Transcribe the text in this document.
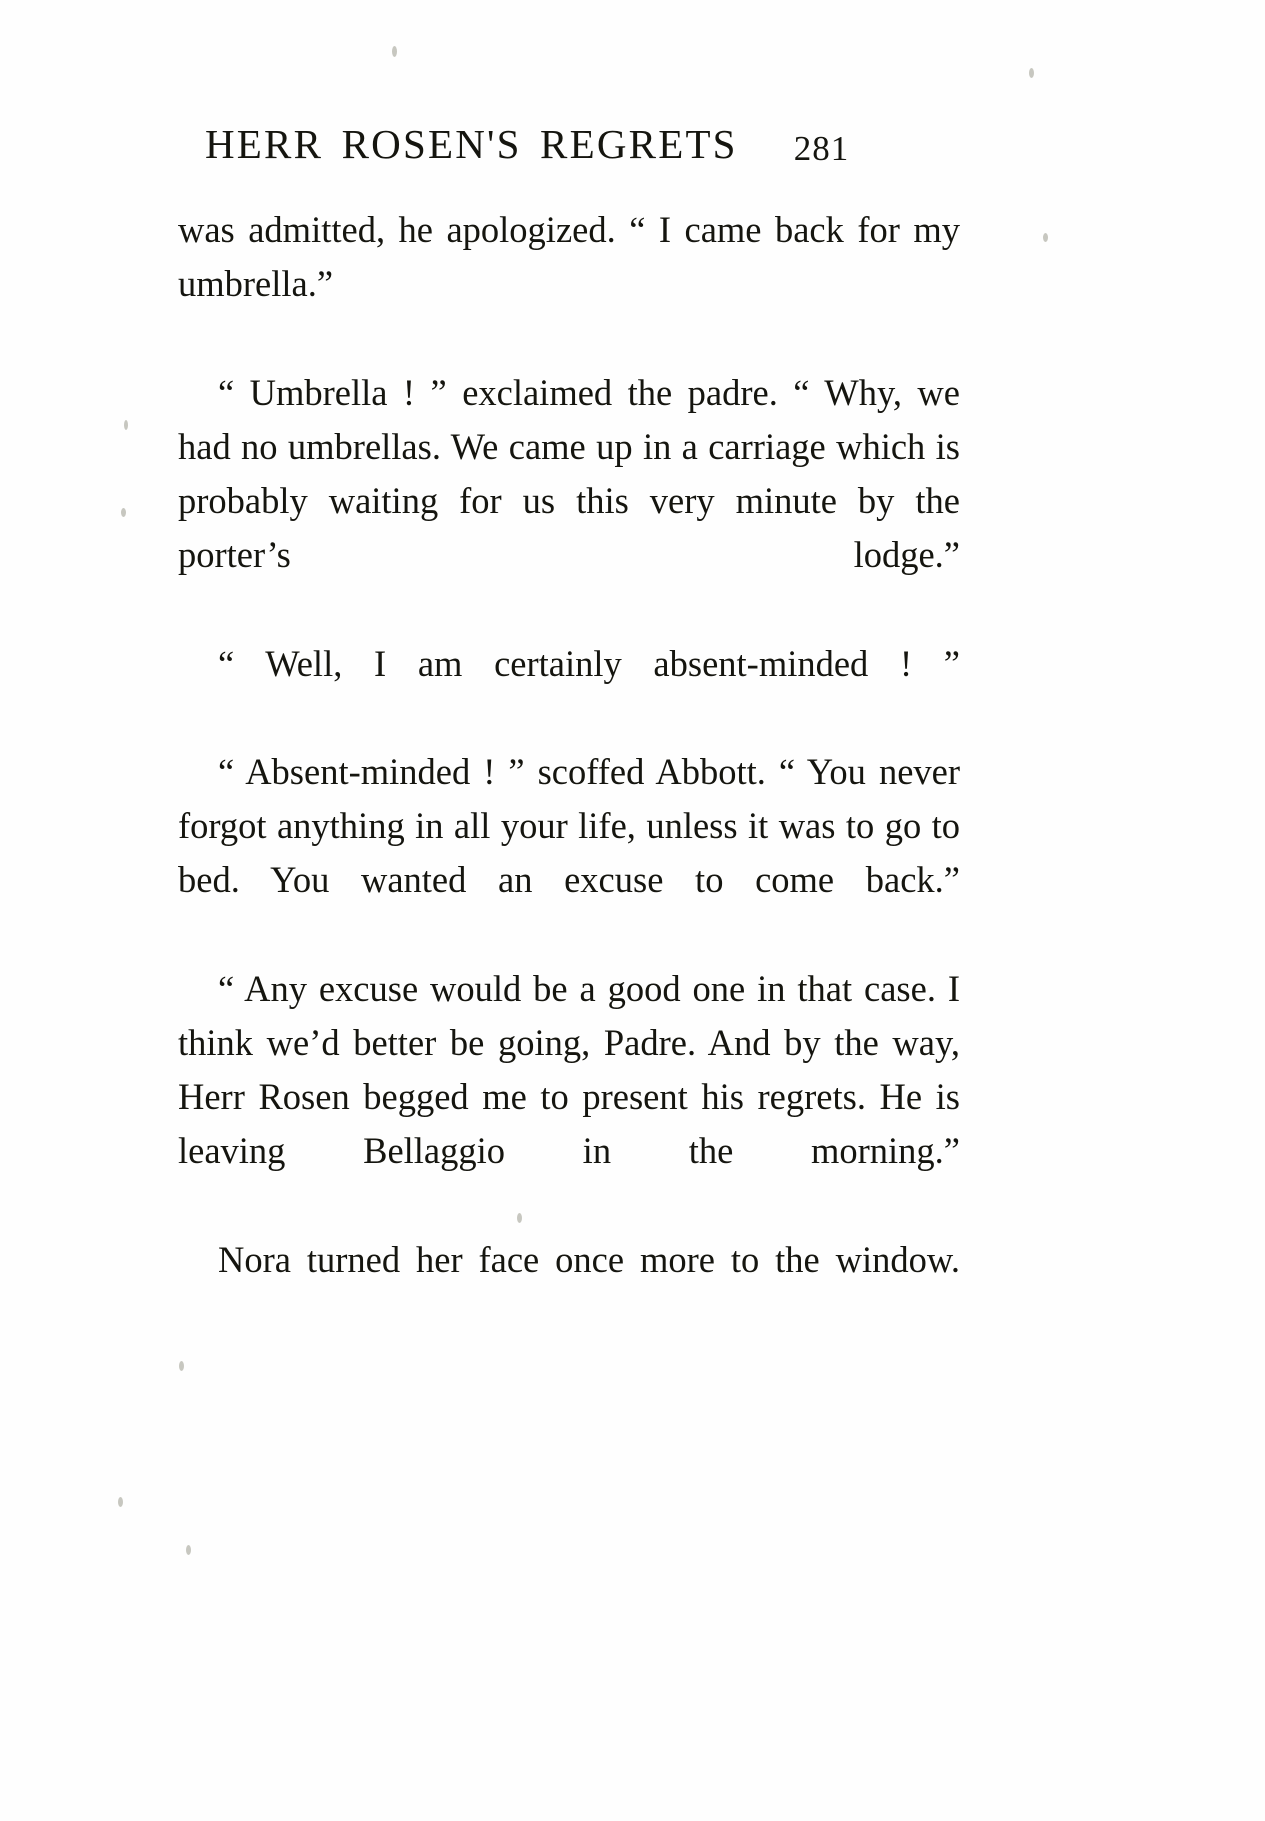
HERR ROSEN'S REGRETS 281

was admitted, he apologized. “ I came back for my umbrella.”

“ Umbrella ! ” exclaimed the padre. “ Why, we had no umbrellas. We came up in a carriage which is probably waiting for us this very minute by the porter’s lodge.”

“ Well, I am certainly absent-minded ! ”

“ Absent-minded ! ” scoffed Abbott. “ You never forgot anything in all your life, unless it was to go to bed. You wanted an excuse to come back.”

“ Any excuse would be a good one in that case. I think we’d better be going, Padre. And by the way, Herr Rosen begged me to present his regrets. He is leaving Bellaggio in the morning.”

Nora turned her face once more to the window.
